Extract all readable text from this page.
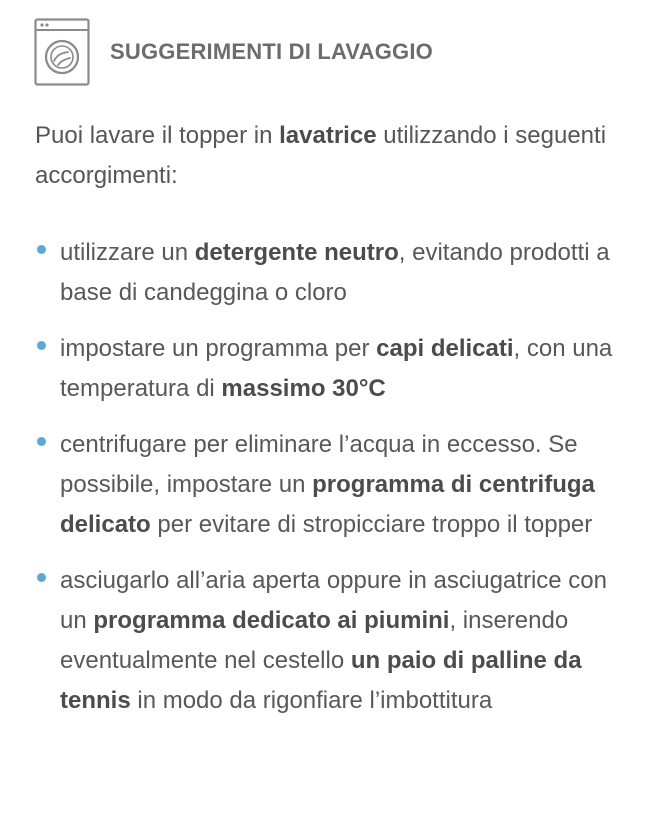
SUGGERIMENTI DI LAVAGGIO
Puoi lavare il topper in lavatrice utilizzando i seguenti accorgimenti:
utilizzare un detergente neutro, evitando prodotti a base di candeggina o cloro
impostare un programma per capi delicati, con una temperatura di massimo 30°C
centrifugare per eliminare l’acqua in eccesso. Se possibile, impostare un programma di centrifuga delicato per evitare di stropicciare troppo il topper
asciugarlo all’aria aperta oppure in asciugatrice con un programma dedicato ai piumini, inserendo eventualmente nel cestello un paio di palline da tennis in modo da rigonfiare l’imbottitura
